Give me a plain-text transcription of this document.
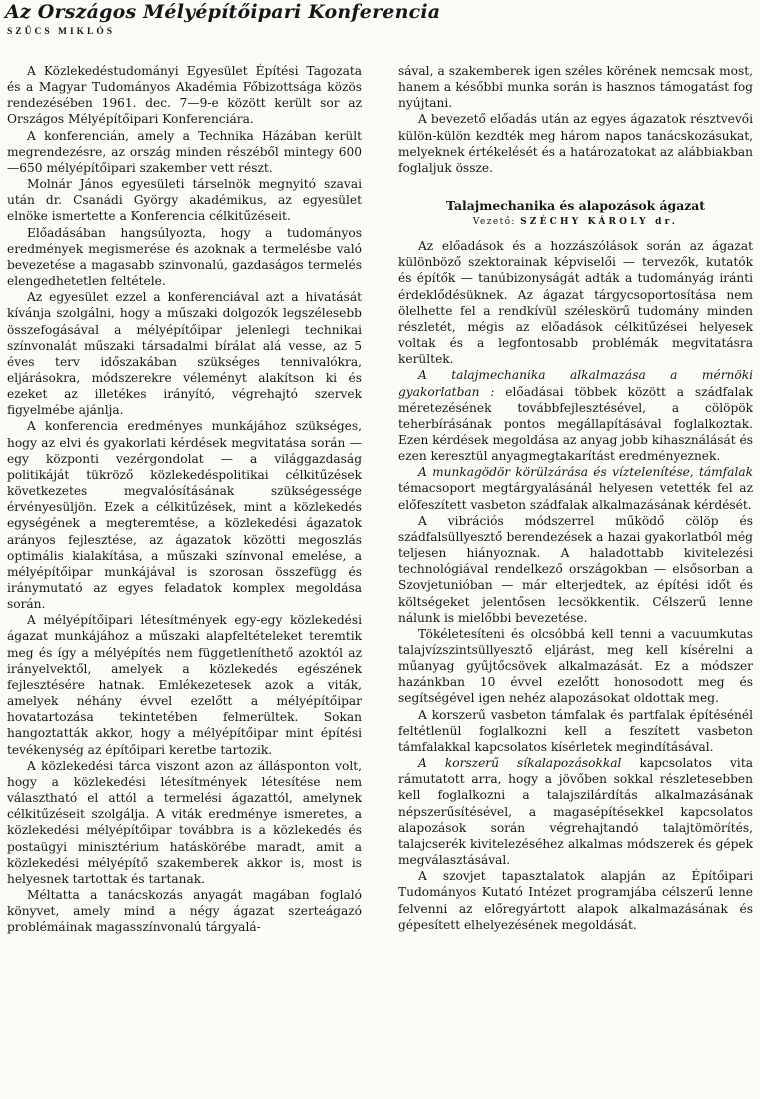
Az Országos Mélyépítőipari Konferencia
SZŰCS MIKLÓS

A Közlekedéstudományi Egyesület Építési Tagozata és a Magyar Tudományos Akadémia Főbizottsága közös rendezésében 1961. dec. 7—9-e között került sor az Országos Mélyépítőipari Konferenciára.

A konferencián, amely a Technika Házában került megrendezésre, az ország minden részéből mintegy 600—650 mélyépítőipari szakember vett részt.

Molnár János egyesületi társelnök megnyitó szavai után dr. Csanádi György akadémikus, az egyesület elnöke ismertette a Konferencia célkitűzéseit.

Előadásában hangsúlyozta, hogy a tudományos eredmények megismerése és azoknak a termelésbe való bevezetése a magasabb szinvonalú, gazdaságos termelés elengedhetetlen feltétele.

Az egyesület ezzel a konferenciával azt a hivatását kívánja szolgálni, hogy a műszaki dolgozók legszélesebb összefogásával a mélyépítőipar jelenlegi technikai színvonalát műszaki társadalmi bírálat alá vesse, az 5 éves terv időszakában szükséges tennivalókra, eljárásokra, módszerekre véleményt alakítson ki és ezeket az illetékes irányító, végrehajtó szervek figyelmébe ajánlja.

A konferencia eredményes munkájához szükséges, hogy az elvi és gyakorlati kérdések megvitatása során — egy központi vezérgondolat — a világgazdaság politikáját tükröző közlekedéspolitikai célkitűzések következetes megvalósításának szükségessége érvényesüljön. Ezek a célkitűzések, mint a közlekedés egységének a megteremtése, a közlekedési ágazatok arányos fejlesztése, az ágazatok közötti megoszlás optimális kialakítása, a műszaki színvonal emelése, a mélyépítőipar munkájával is szorosan összefügg és iránymutató az egyes feladatok komplex megoldása során.

A mélyépítőipari létesítmények egy-egy közlekedési ágazat munkájához a műszaki alapfeltételeket teremtik meg és így a mélyépítés nem függetleníthető azoktól az irányelvektől, amelyek a közlekedés egészének fejlesztésére hatnak. Emlékezetesek azok a viták, amelyek néhány évvel ezelőtt a mélyépítőipar hovatartozása tekintetében felmerültek. Sokan hangoztatták akkor, hogy a mélyépítőipar mint építési tevékenység az építőipari keretbe tartozik.

A közlekedési tárca viszont azon az állásponton volt, hogy a közlekedési létesítmények létesítése nem választható el attól a termelési ágazattól, amelynek célkitűzéseit szolgálja. A viták eredménye ismeretes, a közlekedési mélyépítőipar továbbra is a közlekedés és postaügyi minisztérium hatáskörébe maradt, amit a közlekedési mélyépítő szakemberek akkor is, most is helyesnek tartottak és tartanak.

Méltatta a tanácskozás anyagát magában foglaló könyvet, amely mind a négy ágazat szerteágazó problémáinak magasszínvonalú tárgyalá-

sával, a szakemberek igen széles körének nemcsak most, hanem a későbbi munka során is hasznos támogatást fog nyújtani.

A bevezető előadás után az egyes ágazatok résztvevői külön-külön kezdték meg három napos tanácskozásukat, melyeknek értékelését és a határozatokat az alábbiakban foglaljuk össze.

Talajmechanika és alapozások ágazat
Vezető: SZÉCHY KÁROLY dr.

Az előadások és a hozzászólások során az ágazat különböző szektorainak képviselői — tervezők, kutatók és építők — tanúbizonyságát adták a tudományág iránti érdeklődésüknek. Az ágazat tárgycsoportosítása nem ölelhette fel a rendkívül széleskörű tudomány minden részletét, mégis az előadások célkitűzései helyesek voltak és a legfontosabb problémák megvitatásra kerültek.

A talajmechanika alkalmazása a mérnöki gyakorlatban : előadásai többek között a szádfalak méretezésének továbbfejlesztésével, a cölöpök teherbírásának pontos megállapításával foglalkoztak. Ezen kérdések megoldása az anyag jobb kihasználását és ezen keresztül anyagmegtakarítást eredményeznek.

A munkagödör körülzárása és víztelenítése, támfalak témacsoport megtárgyalásánál helyesen vetették fel az előfeszített vasbeton szádfalak alkalmazásának kérdését.

A vibrációs módszerrel működő cölöp és szádfalsüllyesztő berendezések a hazai gyakorlatból még teljesen hiányoznak. A haladottabb kivitelezési technológiával rendelkező országokban — elsősorban a Szovjetunióban — már elterjedtek, az építési időt és költségeket jelentősen lecsökkentik. Célszerű lenne nálunk is mielőbbi bevezetése.

Tökéletesíteni és olcsóbbá kell tenni a vacuumkutas talajvízszintsüllyesztő eljárást, meg kell kísérelni a műanyag gyűjtőcsövek alkalmazását. Ez a módszer hazánkban 10 évvel ezelőtt honosodott meg és segítségével igen nehéz alapozásokat oldottak meg.

A korszerű vasbeton támfalak és partfalak építésénél feltétlenül foglalkozni kell a feszített vasbeton támfalakkal kapcsolatos kísérletek megindításával.

A korszerű síkalapozásokkal kapcsolatos vita rámutatott arra, hogy a jövőben sokkal részletesebben kell foglalkozni a talajszilárdítás alkalmazásának népszerűsítésével, a magasépítésekkel kapcsolatos alapozások során végrehajtandó talajtömörítés, talajcserék kivitelezéséhez alkalmas módszerek és gépek megválasztásával.

A szovjet tapasztalatok alapján az Építőipari Tudományos Kutató Intézet programjába célszerű lenne felvenni az előregyártott alapok alkalmazásának és gépesített elhelyezésének megoldását.
